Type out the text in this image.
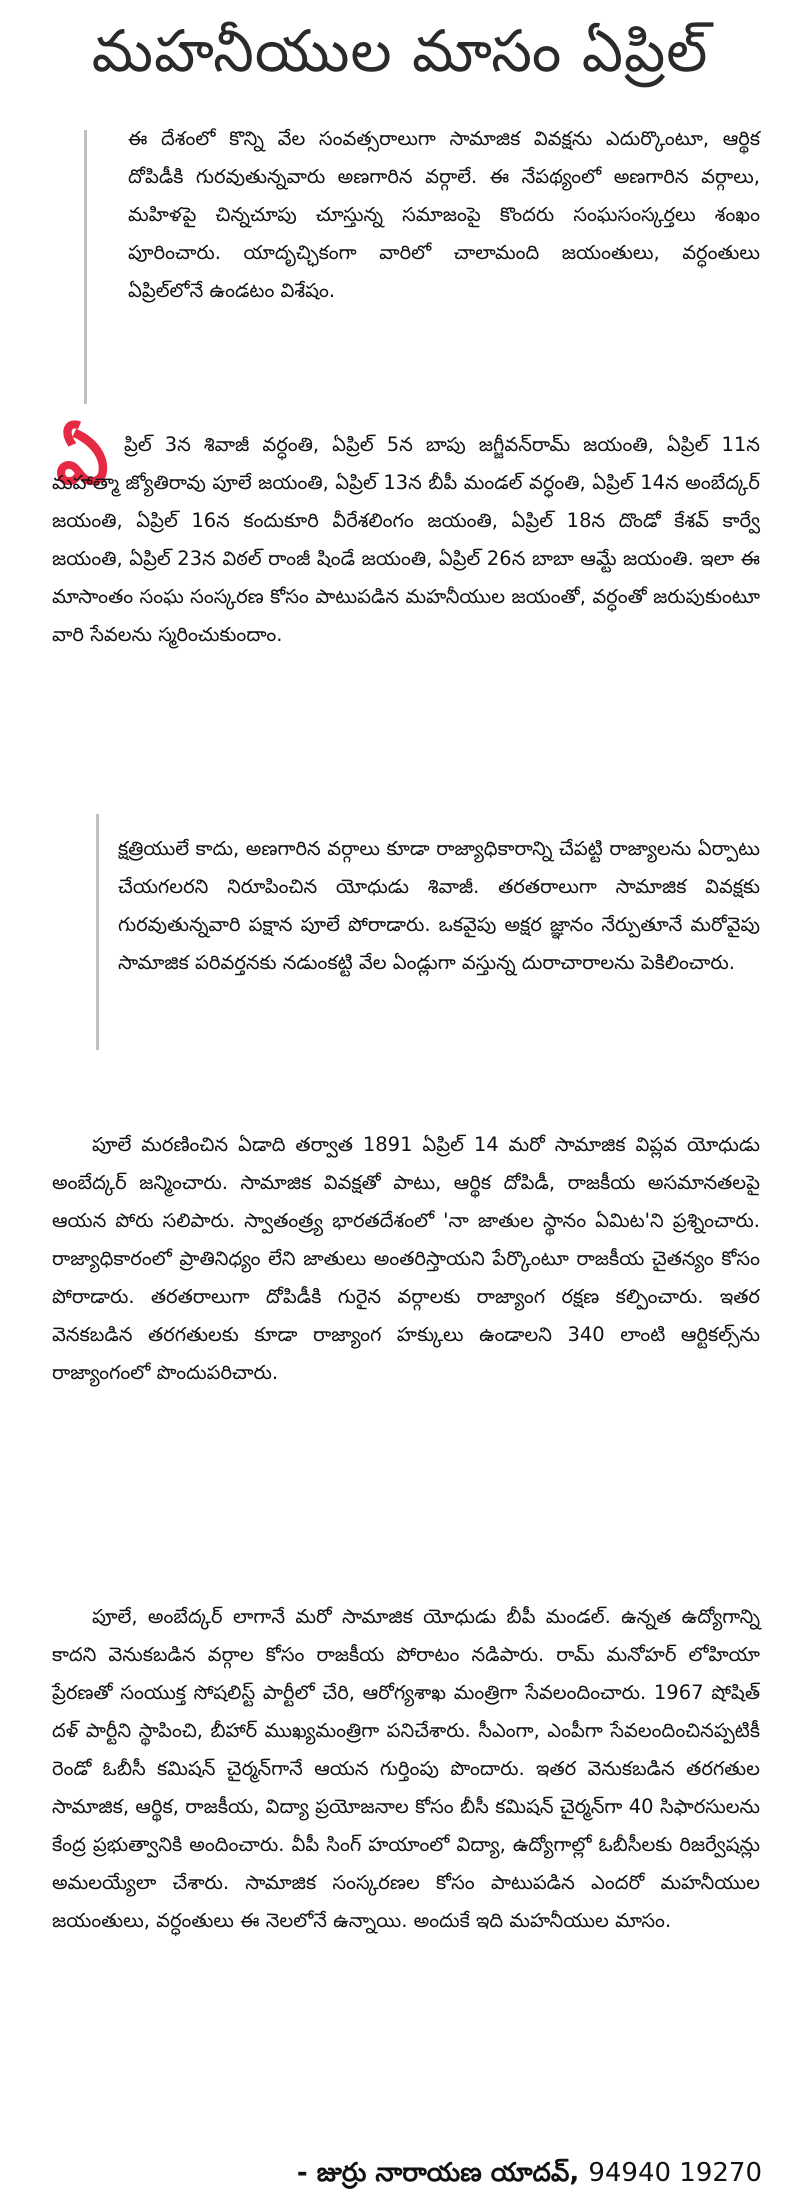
మహనీయుల మాసం ఏప్రిల్

ఈ దేశంలో కొన్ని వేల సంవత్సరాలుగా సామాజిక వివక్షను ఎదుర్కొంటూ, ఆర్థిక దోపిడీకి గురవుతున్నవారు అణగారిన వర్గాలే. ఈ నేపథ్యంలో అణగారిన వర్గాలు, మహిళపై చిన్నచూపు చూస్తున్న సమాజంపై కొందరు సంఘసంస్కర్తలు శంఖం పూరించారు. యాదృచ్ఛికంగా వారిలో చాలామంది జయంతులు, వర్ధంతులు ఏప్రిల్‌లోనే ఉండటం విశేషం.

ఏ ప్రిల్ 3న శివాజీ వర్ధంతి, ఏప్రిల్ 5న బాపు జగ్జీవన్‌రామ్ జయంతి, ఏప్రిల్ 11న మహాత్మా జ్యోతిరావు పూలే జయంతి, ఏప్రిల్ 13న బీపీ మండల్ వర్ధంతి, ఏప్రిల్ 14న అంబేద్కర్ జయంతి, ఏప్రిల్ 16న కందుకూరి వీరేశలింగం జయంతి, ఏప్రిల్ 18న దొండో కేశవ్ కార్వే జయంతి, ఏప్రిల్ 23న విఠల్ రాంజీ షిండే జయంతి, ఏప్రిల్ 26న బాబా ఆమ్టే జయంతి. ఇలా ఈ మాసాంతం సంఘ సంస్కరణ కోసం పాటుపడిన మహనీయుల జయంతో, వర్ధంతో జరుపుకుంటూ వారి సేవలను స్మరించుకుందాం.

క్షత్రియులే కాదు, అణగారిన వర్గాలు కూడా రాజ్యాధికారాన్ని చేపట్టి రాజ్యాలను ఏర్పాటు చేయగలరని నిరూపించిన యోధుడు శివాజీ. తరతరాలుగా సామాజిక వివక్షకు గురవుతున్నవారి పక్షాన పూలే పోరాడారు. ఒకవైపు అక్షర జ్ఞానం నేర్పుతూనే మరోవైపు సామాజిక పరివర్తనకు నడుంకట్టి వేల ఏండ్లుగా వస్తున్న దురాచారాలను పెకిలించారు.

పూలే మరణించిన ఏడాది తర్వాత 1891 ఏప్రిల్ 14 మరో సామాజిక విప్లవ యోధుడు అంబేద్కర్ జన్మించారు. సామాజిక వివక్షతో పాటు, ఆర్థిక దోపిడీ, రాజకీయ అసమానతలపై ఆయన పోరు సలిపారు. స్వాతంత్ర్య భారతదేశంలో 'నా జాతుల స్థానం ఏమిట'ని ప్రశ్నించారు. రాజ్యాధికారంలో ప్రాతినిధ్యం లేని జాతులు అంతరిస్తాయని పేర్కొంటూ రాజకీయ చైతన్యం కోసం పోరాడారు. తరతరాలుగా దోపిడీకి గురైన వర్గాలకు రాజ్యాంగ రక్షణ కల్పించారు. ఇతర వెనకబడిన తరగతులకు కూడా రాజ్యాంగ హక్కులు ఉండాలని 340 లాంటి ఆర్టికల్స్‌ను రాజ్యాంగంలో పొందుపరిచారు.

పూలే, అంబేద్కర్ లాగానే మరో సామాజిక యోధుడు బీపీ మండల్. ఉన్నత ఉద్యోగాన్ని కాదని వెనుకబడిన వర్గాల కోసం రాజకీయ పోరాటం నడిపారు. రామ్ మనోహర్ లోహియా ప్రేరణతో సంయుక్త సోషలిస్ట్ పార్టీలో చేరి, ఆరోగ్యశాఖ మంత్రిగా సేవలందించారు. 1967 షోషిత్ దళ్ పార్టీని స్థాపించి, బీహార్ ముఖ్యమంత్రిగా పనిచేశారు. సీఎంగా, ఎంపీగా సేవలందించినప్పటికీ రెండో ఓబీసీ కమిషన్ చైర్మన్‌గానే ఆయన గుర్తింపు పొందారు. ఇతర వెనుకబడిన తరగతుల సామాజిక, ఆర్థిక, రాజకీయ, విద్యా ప్రయోజనాల కోసం బీసీ కమిషన్ చైర్మన్‌గా 40 సిఫారసులను కేంద్ర ప్రభుత్వానికి అందించారు. వీపీ సింగ్ హయాంలో విద్యా, ఉద్యోగాల్లో ఓబీసీలకు రిజర్వేషన్లు అమలయ్యేలా చేశారు. సామాజిక సంస్కరణల కోసం పాటుపడిన ఎందరో మహనీయుల జయంతులు, వర్ధంతులు ఈ నెలలోనే ఉన్నాయి. అందుకే ఇది మహనీయుల మాసం.

- జుర్రు నారాయణ యాదవ్, 94940 19270
